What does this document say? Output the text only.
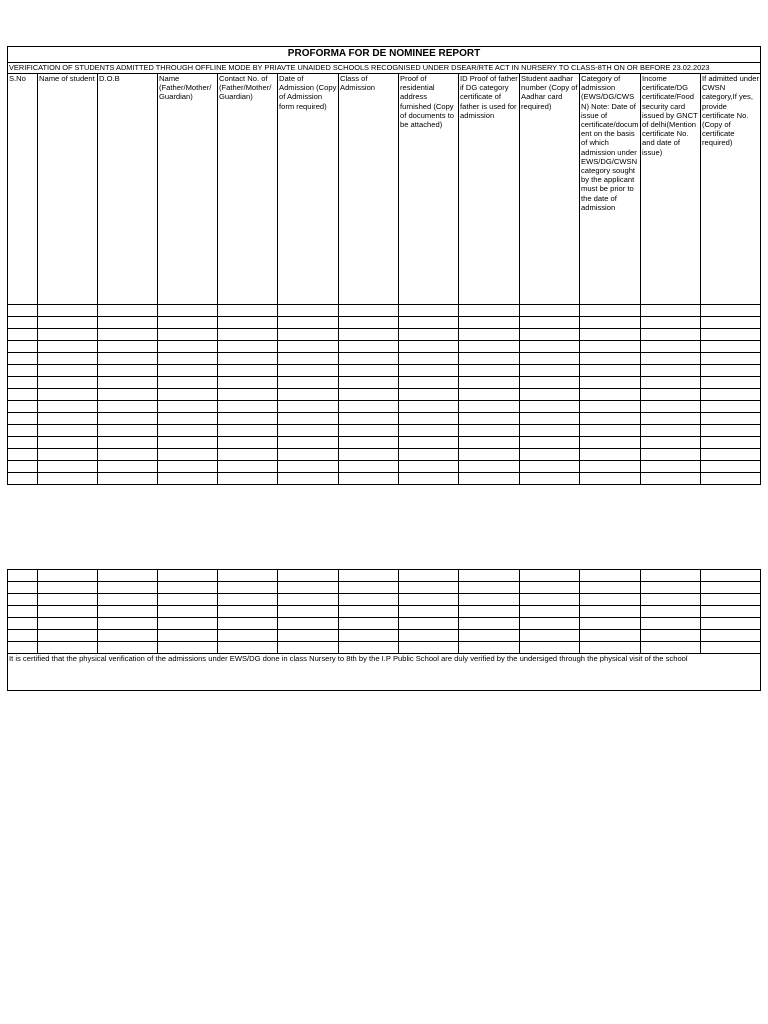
PROFORMA FOR DE NOMINEE REPORT												
VERIFICATION OF STUDENTS ADMITTED THROUGH OFFLINE MODE BY PRIAVTE UNAIDED SCHOOLS RECOGNISED UNDER DSEAR/RTE ACT IN NURSERY TO CLASS-8TH ON OR BEFORE 23.02.2023												
S.No	Name of student	D.O.B	Name (Father/Mother/Guardian)	Contact No. of (Father/Mother/Guardian)	Date of Admission (Copy of Admission form required)	Class of Admission	Proof of residential address furnished (Copy of documents to be attached)	ID Proof of father if DG category certificate of father is used for admission	Student aadhar number (Copy of Aadhar card required)	Category of admission (EWS/DG/CWSN) Note: Date of issue of certificate/document on the basis of which admission under EWS/DG/CWSN category sought by the applicant must be prior to the date of admission	Income certificate/DG certificate/Food security card issued by GNCT of delhi(Mention certificate No. and date of issue)	If admitted under CWSN category,If yes, provide certificate No. (Copy of certificate required)

It is certified that the physical verification of the admissions under EWS/DG done in class Nursery to 8th by the I.P Public School are duly verified by the undersiged through the physical visit of the school												
